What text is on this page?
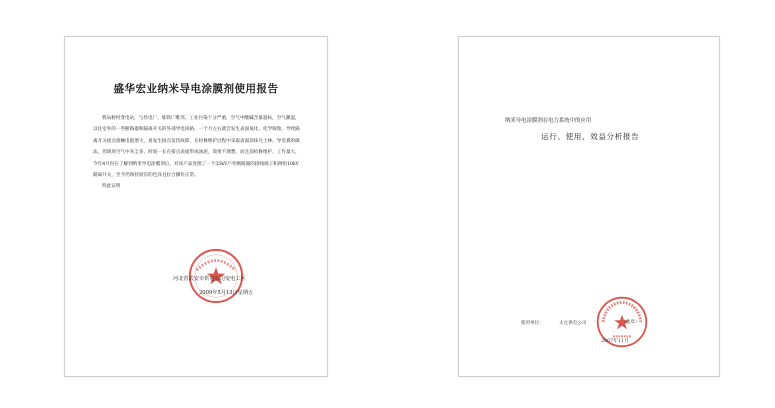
盛华宏业纳米导电涂膜剂使用报告

我局桥村变电站，与热电厂、炼铁厂毗邻，工业污染十分严重，空气中酸碱含量超标，空气潮湿，以往室外的一些断路器和隔离开关的外部导电回路，一个月左右就会发生表面氧化、化学腐蚀，导致隔离开关接点接触电阻增大，易发生接点发热故障，在检修维护过程中采取表面涂抹凡士林、导电膏的做法，但现场空气中灰尘多，时间一长在接点表面形成油泥，效果不理想，而且前检修维护，工作量大，今年4月份在了解到纳米导电涂膜剂后，对该产品处理了一个35kV户外断路器的接线端子和两组10kV隔离开关，至今仍保持原有的色泽且拉合操作正常。

特此证明

河北省武安市供电公司变电工区
2009年5月13日星期五
纳米导电涂膜剂在电力系统中的应用
运行、使用、效益分析报告
使用单位：	太仓供电公司	（盖章）
2007年11月
